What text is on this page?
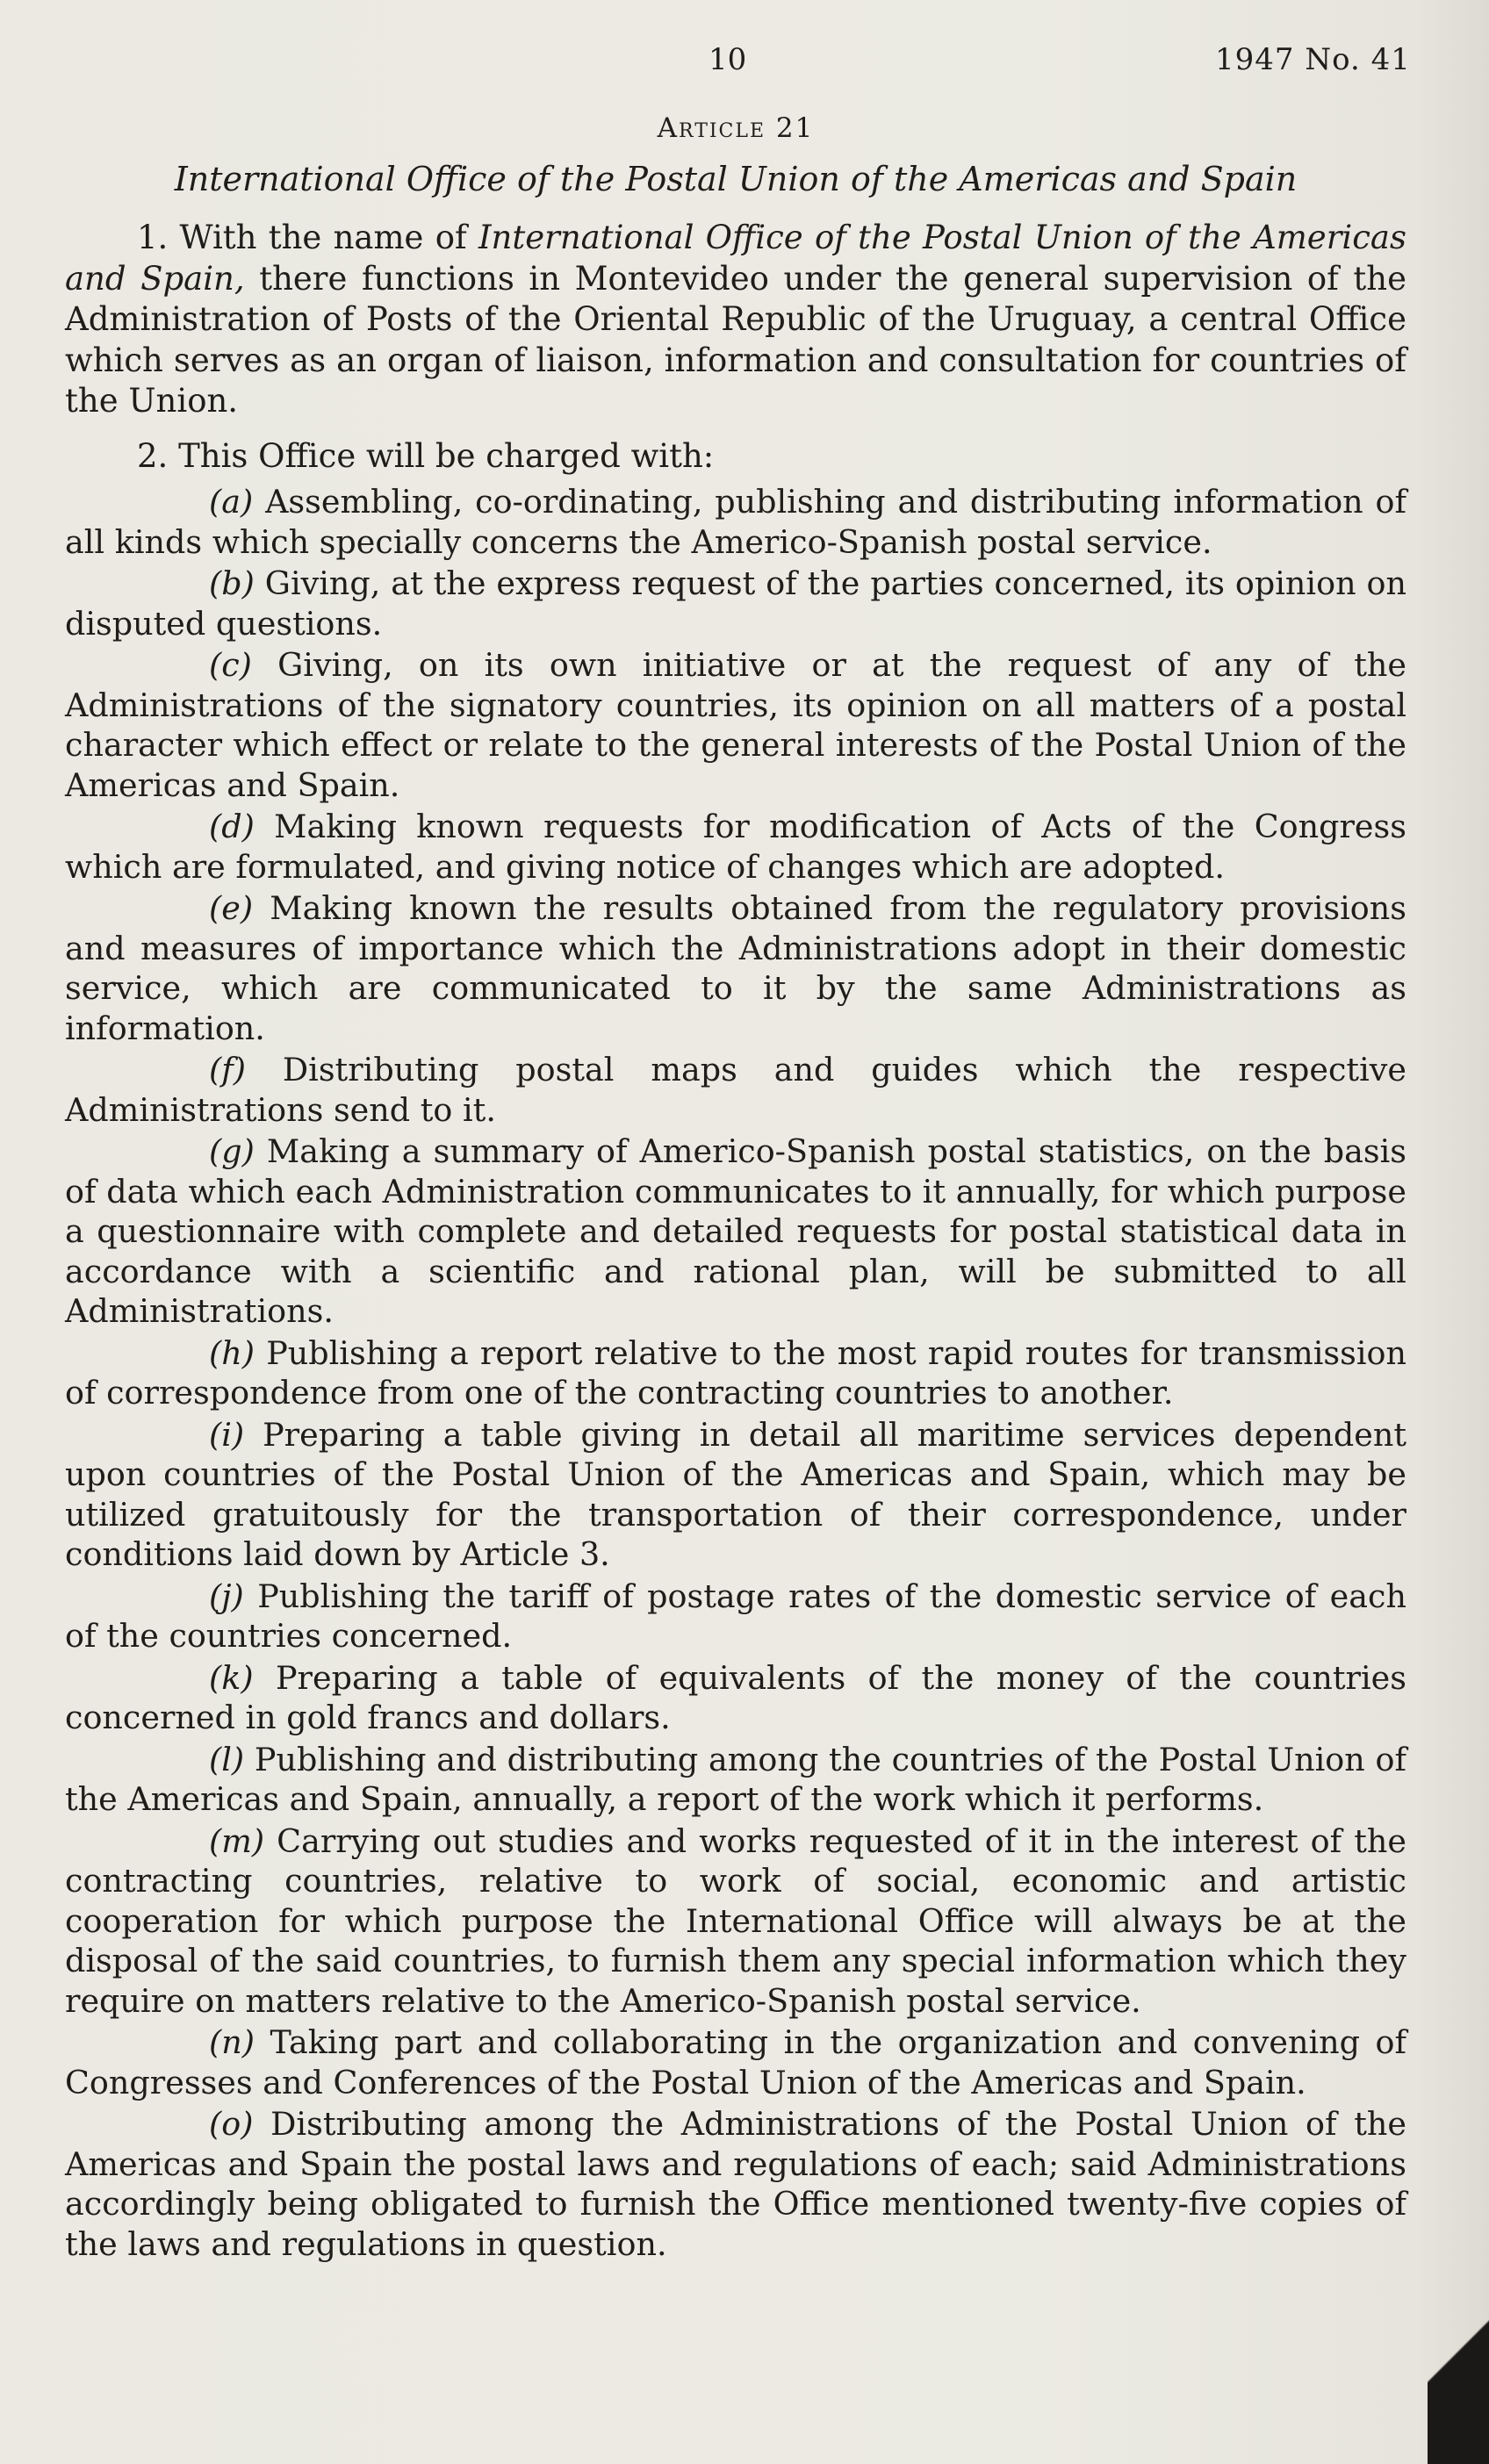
10	1947 No. 41
Article 21
International Office of the Postal Union of the Americas and Spain

1. With the name of International Office of the Postal Union of the Americas and Spain, there functions in Montevideo under the general supervision of the Administration of Posts of the Oriental Republic of the Uruguay, a central Office which serves as an organ of liaison, information and consultation for countries of the Union.

2. This Office will be charged with:

(a) Assembling, co-ordinating, publishing and distributing information of all kinds which specially concerns the Americo-Spanish postal service.

(b) Giving, at the express request of the parties concerned, its opinion on disputed questions.

(c) Giving, on its own initiative or at the request of any of the Administrations of the signatory countries, its opinion on all matters of a postal character which effect or relate to the general interests of the Postal Union of the Americas and Spain.

(d) Making known requests for modification of Acts of the Congress which are formulated, and giving notice of changes which are adopted.

(e) Making known the results obtained from the regulatory provisions and measures of importance which the Administrations adopt in their domestic service, which are communicated to it by the same Administrations as information.

(f) Distributing postal maps and guides which the respective Administrations send to it.

(g) Making a summary of Americo-Spanish postal statistics, on the basis of data which each Administration communicates to it annually, for which purpose a questionnaire with complete and detailed requests for postal statistical data in accordance with a scientific and rational plan, will be submitted to all Administrations.

(h) Publishing a report relative to the most rapid routes for transmission of correspondence from one of the contracting countries to another.

(i) Preparing a table giving in detail all maritime services dependent upon countries of the Postal Union of the Americas and Spain, which may be utilized gratuitously for the transportation of their correspondence, under conditions laid down by Article 3.

(j) Publishing the tariff of postage rates of the domestic service of each of the countries concerned.

(k) Preparing a table of equivalents of the money of the countries concerned in gold francs and dollars.

(l) Publishing and distributing among the countries of the Postal Union of the Americas and Spain, annually, a report of the work which it performs.

(m) Carrying out studies and works requested of it in the interest of the contracting countries, relative to work of social, economic and artistic cooperation for which purpose the International Office will always be at the disposal of the said countries, to furnish them any special information which they require on matters relative to the Americo-Spanish postal service.

(n) Taking part and collaborating in the organization and convening of Congresses and Conferences of the Postal Union of the Americas and Spain.

(o) Distributing among the Administrations of the Postal Union of the Americas and Spain the postal laws and regulations of each; said Administrations accordingly being obligated to furnish the Office mentioned twenty-five copies of the laws and regulations in question.
